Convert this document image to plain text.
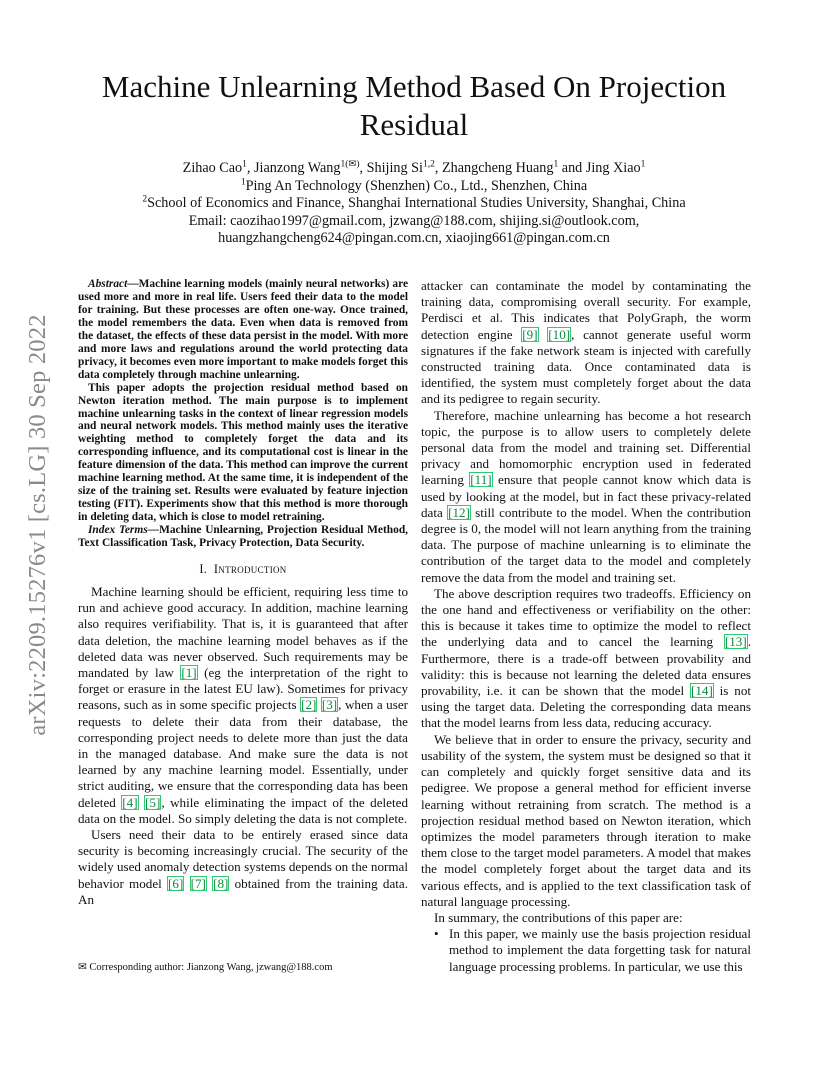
arXiv:2209.15276v1 [cs.LG] 30 Sep 2022
Machine Unlearning Method Based On Projection Residual
Zihao Cao$^1$, Jianzong Wang$^{1(✉)}$, Shijing Si$^{1,2}$, Zhangcheng Huang$^1$ and Jing Xiao$^1$
$^1$Ping An Technology (Shenzhen) Co., Ltd., Shenzhen, China
$^2$School of Economics and Finance, Shanghai International Studies University, Shanghai, China
Email: caozihao1997@gmail.com, jzwang@188.com, shijing.si@outlook.com,
huangzhangcheng624@pingan.com.cn, xiaojing661@pingan.com.cn

Abstract—Machine learning models (mainly neural networks) are used more and more in real life. Users feed their data to the model for training. But these processes are often one-way. Once trained, the model remembers the data. Even when data is removed from the dataset, the effects of these data persist in the model. With more and more laws and regulations around the world protecting data privacy, it becomes even more important to make models forget this data completely through machine unlearning.

This paper adopts the projection residual method based on Newton iteration method. The main purpose is to implement machine unlearning tasks in the context of linear regression models and neural network models. This method mainly uses the iterative weighting method to completely forget the data and its corresponding influence, and its computational cost is linear in the feature dimension of the data. This method can improve the current machine learning method. At the same time, it is independent of the size of the training set. Results were evaluated by feature injection testing (FIT). Experiments show that this method is more thorough in deleting data, which is close to model retraining.

Index Terms—Machine Unlearning, Projection Residual Method, Text Classification Task, Privacy Protection, Data Security.

I. Introduction

Machine learning should be efficient, requiring less time to run and achieve good accuracy. In addition, machine learning also requires verifiability. That is, it is guaranteed that after data deletion, the machine learning model behaves as if the deleted data was never observed. Such requirements may be mandated by law [1] (eg the interpretation of the right to forget or erasure in the latest EU law). Sometimes for privacy reasons, such as in some specific projects [2] [3], when a user requests to delete their data from their database, the corresponding project needs to delete more than just the data in the managed database. And make sure the data is not learned by any machine learning model. Essentially, under strict auditing, we ensure that the corresponding data has been deleted [4] [5], while eliminating the impact of the deleted data on the model. So simply deleting the data is not complete.

Users need their data to be entirely erased since data security is becoming increasingly crucial. The security of the widely used anomaly detection systems depends on the normal behavior model [6] [7] [8] obtained from the training data. An

attacker can contaminate the model by contaminating the training data, compromising overall security. For example, Perdisci et al. This indicates that PolyGraph, the worm detection engine [9] [10], cannot generate useful worm signatures if the fake network steam is injected with carefully constructed training data. Once contaminated data is identified, the system must completely forget about the data and its pedigree to regain security.

Therefore, machine unlearning has become a hot research topic, the purpose is to allow users to completely delete personal data from the model and training set. Differential privacy and homomorphic encryption used in federated learning [11] ensure that people cannot know which data is used by looking at the model, but in fact these privacy-related data [12] still contribute to the model. When the contribution degree is 0, the model will not learn anything from the training data. The purpose of machine unlearning is to eliminate the contribution of the target data to the model and completely remove the data from the model and training set.

The above description requires two tradeoffs. Efficiency on the one hand and effectiveness or verifiability on the other: this is because it takes time to optimize the model to reflect the underlying data and to cancel the learning [13]. Furthermore, there is a trade-off between provability and validity: this is because not learning the deleted data ensures provability, i.e. it can be shown that the model [14] is not using the target data. Deleting the corresponding data means that the model learns from less data, reducing accuracy.

We believe that in order to ensure the privacy, security and usability of the system, the system must be designed so that it can completely and quickly forget sensitive data and its pedigree. We propose a general method for efficient inverse learning without retraining from scratch. The method is a projection residual method based on Newton iteration, which optimizes the model parameters through iteration to make them close to the target model parameters. A model that makes the model completely forget about the target data and its various effects, and is applied to the text classification task of natural language processing.

In summary, the contributions of this paper are:

• In this paper, we mainly use the basis projection residual method to implement the data forgetting task for natural language processing problems. In particular, we use this
✉ Corresponding author: Jianzong Wang, jzwang@188.com
